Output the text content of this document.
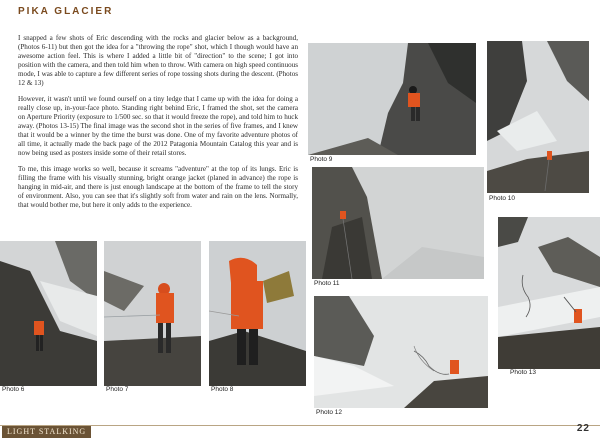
PIKA GLACIER

I snapped a few shots of Eric descending with the rocks and glacier below as a background, (Photos 6-11) but then got the idea for a "throwing the rope" shot, which I though would have an awesome action feel. This is where I added a little bit of "direction" to the scene; I got into position with the camera, and then told him when to throw. With camera on high speed continuous mode, I was able to capture a few different series of rope tossing shots during the descent. (Photos 12 & 13)

However, it wasn't until we found ourself on a tiny ledge that I came up with the idea for doing a really close up, in-your-face photo. Standing right behind Eric, I framed the shot, set the camera on Aperture Priority (exposure to 1/500 sec. so that it would freeze the rope), and told him to huck away. (Photos 13-15) The final image was the second shot in the series of five frames, and I knew that it would be a winner by the time the burst was done. One of my favorite adventure photos of all time, it actually made the back page of the 2012 Patagonia Mountain Catalog this year and is now being used as posters inside some of their retail stores.

To me, this image works so well, because it screams "adventure" at the top of its lungs. Eric is filling the frame with his visually stunning, bright orange jacket (planed in advance) the rope is hanging in mid-air, and there is just enough landscape at the bottom of the frame to tell the story of environment. Also, you can see that it's slightly soft from water and rain on the lens. Normally, that would bother me, but here it only adds to the experience.

Photo 9
Photo 10
Photo 11
Photo 13
Photo 12
Photo 6	Photo 7	Photo 8
LIGHT STALKING	22
